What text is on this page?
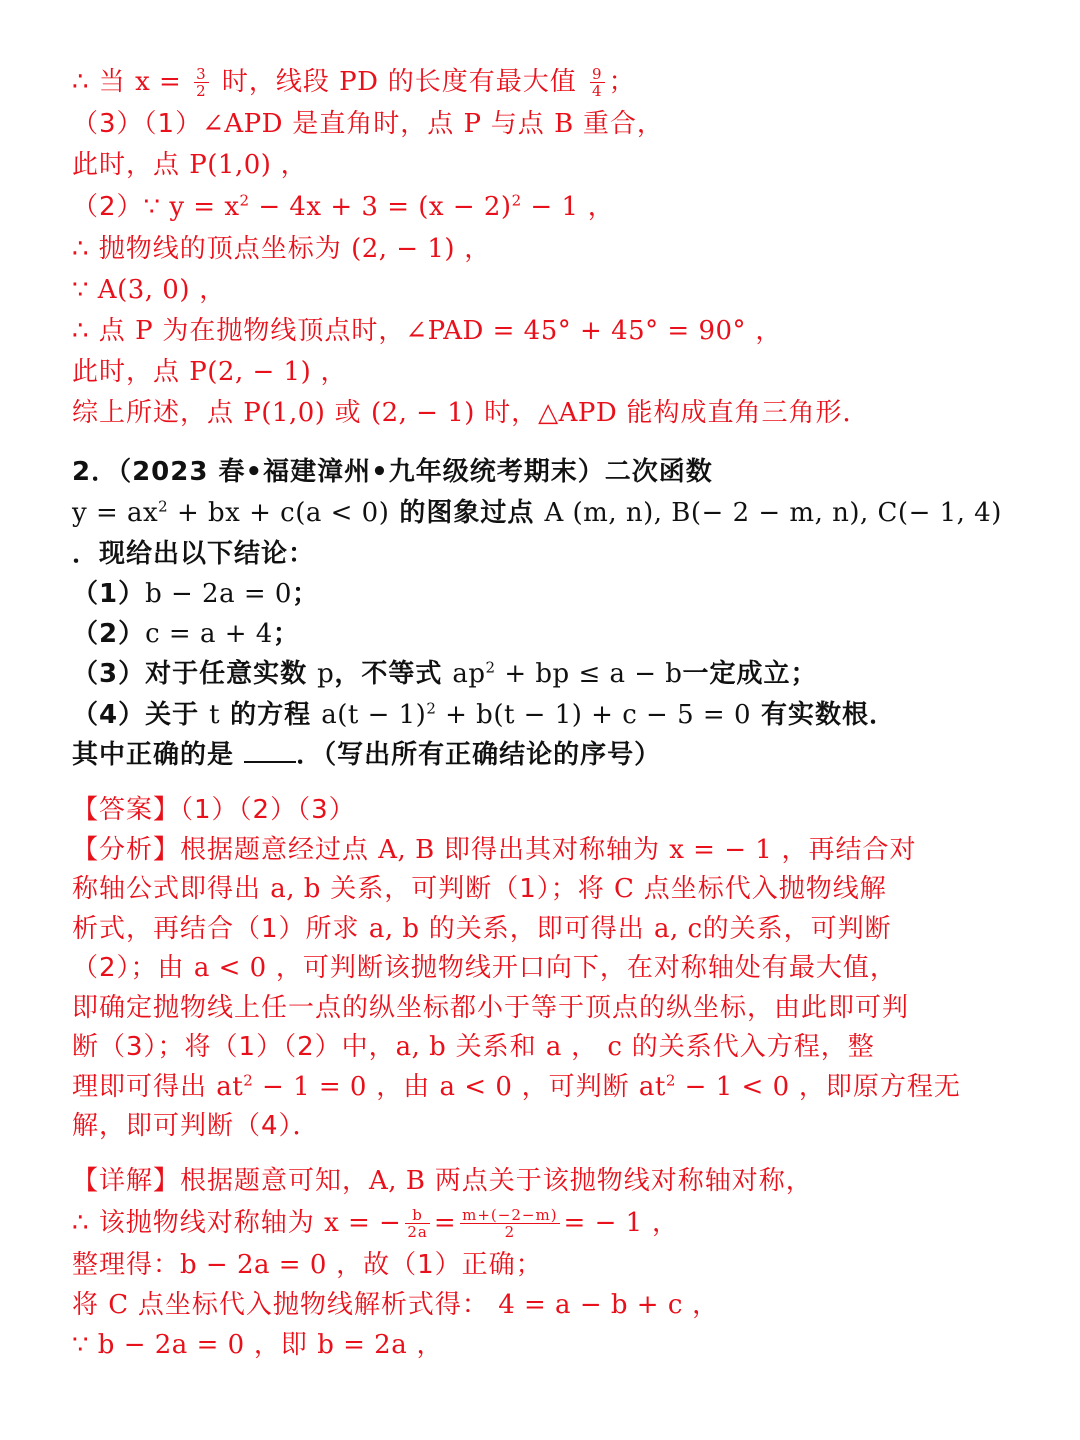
∴ 当 $x = \frac{3}{2}$ 时，线段 PD 的长度有最大值 $\frac{9}{4}$ ；
（3）（1）∠APD 是直角时，点 P 与点 B 重合，
此时，点 P(1,0) ，
（2）∵ $y = x^2 - 4x + 3 = (x - 2)^2 - 1$ ，
∴ 抛物线的顶点坐标为 (2, − 1) ，
∵ A(3, 0) ，
∴ 点 P 为在抛物线顶点时，∠PAD = 45° + 45° = 90° ，
此时，点 P(2, − 1) ，
综上所述，点 P(1,0) 或 (2, − 1) 时，△APD 能构成直角三角形．
2．（2023 春•福建漳州•九年级统考期末）二次函数
$y = ax^2$ + bx + c(a < 0) 的图象过点 A (m, n), B(− 2 − m, n), C(− 1, 4)
．现给出以下结论：
（1）b − 2a = 0；
（2）c = a + 4；
（3）对于任意实数 p，不等式 $ap^2$ + bp ≤ a − b一定成立；
（4）关于 t 的方程 $a(t - 1)^2 + b(t - 1) + c - 5 = 0$ 有实数根．
其中正确的是 ．（写出所有正确结论的序号）
【答案】（1）（2）（3）
【分析】根据题意经过点 A, B 即得出其对称轴为 x = − 1 ，再结合对
称轴公式即得出 a, b 关系，可判断（1）；将 C 点坐标代入抛物线解
析式，再结合（1）所求 a, b 的关系，即可得出 a, c的关系，可判断
（2）；由 a < 0 ，可判断该抛物线开口向下，在对称轴处有最大值，
即确定抛物线上任一点的纵坐标都小于等于顶点的纵坐标，由此即可判
断（3）；将（1）（2）中，a, b 关系和 a ， c 的关系代入方程，整
理即可得出 $at^2 - 1 = 0$ ，由 a < 0 ，可判断 $at^2 - 1 < 0$ ，即原方程无
解，即可判断（4）．
【详解】根据题意可知，A, B 两点关于该抛物线对称轴对称，
∴ 该抛物线对称轴为 x = − $\frac{b}{2a} = \frac{m+(-2-m)}{2}$ = − 1 ，
整理得：b − 2a = 0 ，故（1）正确；
将 C 点坐标代入抛物线解析式得： 4 = a − b + c ，
∵ b − 2a = 0 ，即 b = 2a ，
